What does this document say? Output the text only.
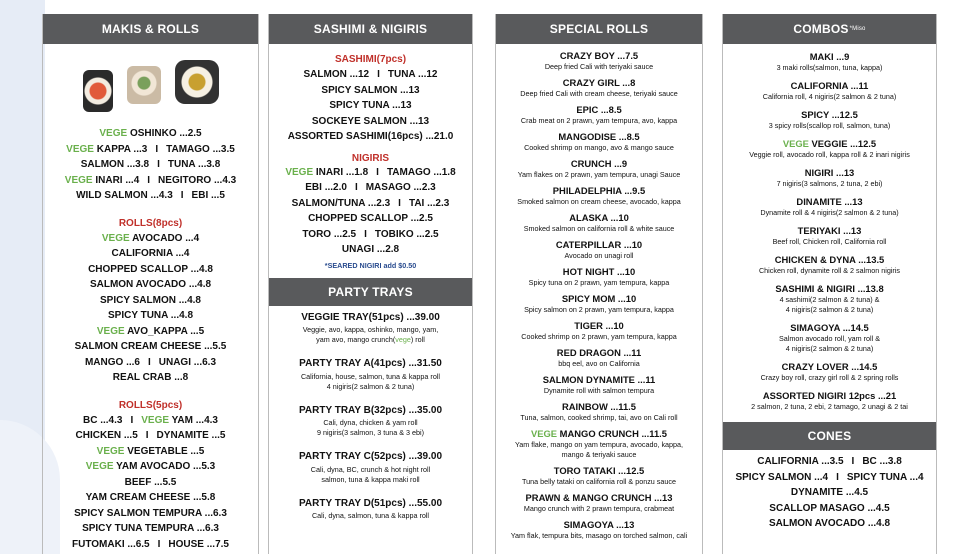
MAKIS & ROLLS
VEGE OSHINKO ...2.5
VEGE KAPPA ...3 I TAMAGO ...3.5
SALMON ...3.8 I TUNA ...3.8
VEGE INARI ...4 I NEGITORO ...4.3
WILD SALMON ...4.3 I EBI ...5
ROLLS(8pcs)
VEGE AVOCADO ...4
CALIFORNIA ...4
CHOPPED SCALLOP ...4.8
SALMON AVOCADO ...4.8
SPICY SALMON ...4.8
SPICY TUNA ...4.8
VEGE AVO_KAPPA ...5
SALMON CREAM CHEESE ...5.5
MANGO ...6 I UNAGI ...6.3
REAL CRAB ...8
ROLLS(5pcs)
BC ...4.3 I VEGE YAM ...4.3
CHICKEN ...5 I DYNAMITE ...5
VEGE VEGETABLE ...5
VEGE YAM AVOCADO ...5.3
BEEF ...5.5
YAM CREAM CHEESE ...5.8
SPICY SALMON TEMPURA ...6.3
SPICY TUNA TEMPURA ...6.3
FUTOMAKI ...6.5 I HOUSE ...7.5
SASHIMI & NIGIRIS
SASHIMI(7pcs)
SALMON ...12 I TUNA ...12
SPICY SALMON ...13
SPICY TUNA ...13
SOCKEYE SALMON ...13
ASSORTED SASHIMI(16pcs) ...21.0
NIGIRIS
VEGE INARI ...1.8 I TAMAGO ...1.8
EBI ...2.0 I MASAGO ...2.3
SALMON/TUNA ...2.3 I TAI ...2.3
CHOPPED SCALLOP ...2.5
TORO ...2.5 I TOBIKO ...2.5
UNAGI ...2.8
*SEARED NIGIRI add $0.50
PARTY TRAYS
VEGGIE TRAY(51pcs) ...39.00
Veggie, avo, kappa, oshinko, mango, yam,
yam avo, mango crunch(vege) roll
PARTY TRAY A(41pcs) ...31.50
California, house, salmon, tuna & kappa roll
4 nigiris(2 salmon & 2 tuna)
PARTY TRAY B(32pcs) ...35.00
Cali, dyna, chicken & yam roll
9 nigiris(3 salmon, 3 tuna & 3 ebi)
PARTY TRAY C(52pcs) ...39.00
Cali, dyna, BC, crunch & hot night roll
salmon, tuna & kappa maki roll
PARTY TRAY D(51pcs) ...55.00
Cali, dyna, salmon, tuna & kappa roll
SPECIAL ROLLS
CRAZY BOY ...7.5
Deep fried Cali with teriyaki sauce
CRAZY GIRL ...8
Deep fried Cali with cream cheese, teriyaki sauce
EPIC ...8.5
Crab meat on 2 prawn, yam tempura, avo, kappa
MANGODISE ...8.5
Cooked shrimp on mango, avo & mango sauce
CRUNCH ...9
Yam flakes on 2 prawn, yam tempura, unagi Sauce
PHILADELPHIA ...9.5
Smoked salmon on cream cheese, avocado, kappa
ALASKA ...10
Smoked salmon on california roll & white sauce
CATERPILLAR ...10
Avocado on unagi roll
HOT NIGHT ...10
Spicy tuna on 2 prawn, yam tempura, kappa
SPICY MOM ...10
Spicy salmon on 2 prawn, yam tempura, kappa
TIGER ...10
Cooked shrimp on 2 prawn, yam tempura, kappa
RED DRAGON ...11
bbq eel, avo on California
SALMON DYNAMITE ...11
Dynamite roll with salmon tempura
RAINBOW ...11.5
Tuna, salmon, cooked shrimp, tai, avo on Cali roll
VEGE MANGO CRUNCH ...11.5
Yam flake, mango on yam tempura, avocado, kappa,
mango & teriyaki sauce
TORO TATAKI ...12.5
Tuna belly tataki on california roll & ponzu sauce
PRAWN & MANGO CRUNCH ...13
Mango crunch with 2 prawn tempura, crabmeat
SIMAGOYA ...13
Yam flak, tempura bits, masago on torched salmon, cali
COMBOS *Miso
MAKI ...9
3 maki rolls(salmon, tuna, kappa)
CALIFORNIA ...11
California roll, 4 nigiris(2 salmon & 2 tuna)
SPICY ...12.5
3 spicy rolls(scallop roll, salmon, tuna)
VEGE VEGGIE ...12.5
Veggie roll, avocado roll, kappa roll & 2 inari nigiris
NIGIRI ...13
7 nigiris(3 salmons, 2 tuna, 2 ebi)
DINAMITE ...13
Dynamite roll & 4 nigiris(2 salmon & 2 tuna)
TERIYAKI ...13
Beef roll, Chicken roll, California roll
CHICKEN & DYNA ...13.5
Chicken roll, dynamite roll & 2 salmon nigiris
SASHIMI & NIGIRI ...13.8
4 sashimi(2 salmon & 2 tuna) &
4 nigiris(2 salmon & 2 tuna)
SIMAGOYA ...14.5
Salmon avocado roll, yam roll &
4 nigiris(2 salmon & 2 tuna)
CRAZY LOVER ...14.5
Crazy boy roll, crazy girl roll & 2 spring rolls
ASSORTED NIGIRI 12pcs ...21
2 salmon, 2 tuna, 2 ebi, 2 tamago, 2 unagi & 2 tai
CONES
CALIFORNIA ...3.5 I BC ...3.8
SPICY SALMON ...4 I SPICY TUNA ...4
DYNAMITE ...4.5
SCALLOP MASAGO ...4.5
SALMON AVOCADO ...4.8
